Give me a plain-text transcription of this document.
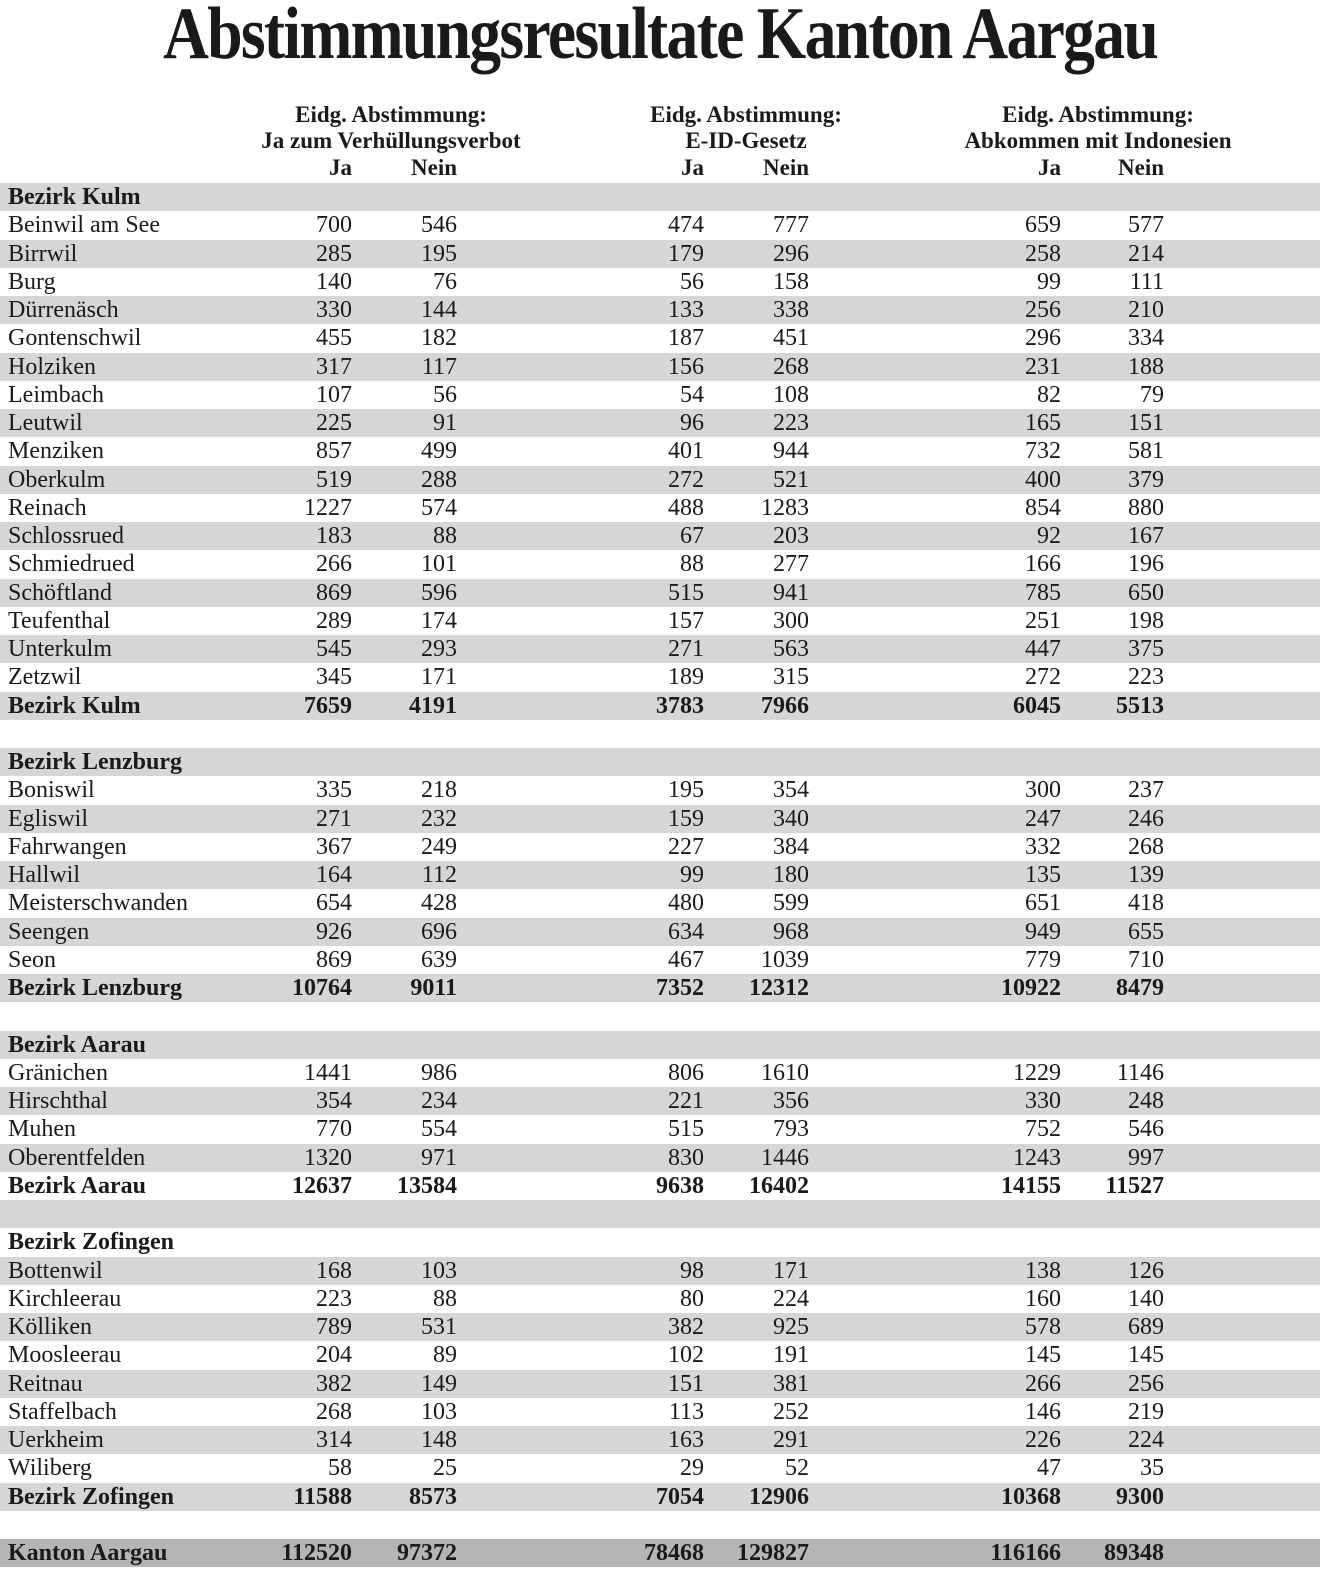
Abstimmungsresultate Kanton Aargau
Eidg. Abstimmung:
Ja zum Verhüllungsverbot
Eidg. Abstimmung:
E-ID-Gesetz
Eidg. Abstimmung:
Abkommen mit Indonesien
Ja	Nein	Ja	Nein	Ja	Nein
Bezirk Kulm
Beinwil am See	700	546	474	777	659	577
Birrwil	285	195	179	296	258	214
Burg	140	76	56	158	99	111
Dürrenäsch	330	144	133	338	256	210
Gontenschwil	455	182	187	451	296	334
Holziken	317	117	156	268	231	188
Leimbach	107	56	54	108	82	79
Leutwil	225	91	96	223	165	151
Menziken	857	499	401	944	732	581
Oberkulm	519	288	272	521	400	379
Reinach	1227	574	488	1283	854	880
Schlossrued	183	88	67	203	92	167
Schmiedrued	266	101	88	277	166	196
Schöftland	869	596	515	941	785	650
Teufenthal	289	174	157	300	251	198
Unterkulm	545	293	271	563	447	375
Zetzwil	345	171	189	315	272	223
Bezirk Kulm	7659	4191	3783	7966	6045	5513
Bezirk Lenzburg
Boniswil	335	218	195	354	300	237
Egliswil	271	232	159	340	247	246
Fahrwangen	367	249	227	384	332	268
Hallwil	164	112	99	180	135	139
Meisterschwanden	654	428	480	599	651	418
Seengen	926	696	634	968	949	655
Seon	869	639	467	1039	779	710
Bezirk Lenzburg	10764	9011	7352	12312	10922	8479
Bezirk Aarau
Gränichen	1441	986	806	1610	1229	1146
Hirschthal	354	234	221	356	330	248
Muhen	770	554	515	793	752	546
Oberentfelden	1320	971	830	1446	1243	997
Bezirk Aarau	12637	13584	9638	16402	14155	11527
Bezirk Zofingen
Bottenwil	168	103	98	171	138	126
Kirchleerau	223	88	80	224	160	140
Kölliken	789	531	382	925	578	689
Moosleerau	204	89	102	191	145	145
Reitnau	382	149	151	381	266	256
Staffelbach	268	103	113	252	146	219
Uerkheim	314	148	163	291	226	224
Wiliberg	58	25	29	52	47	35
Bezirk Zofingen	11588	8573	7054	12906	10368	9300
Kanton Aargau	112520	97372	78468	129827	116166	89348
